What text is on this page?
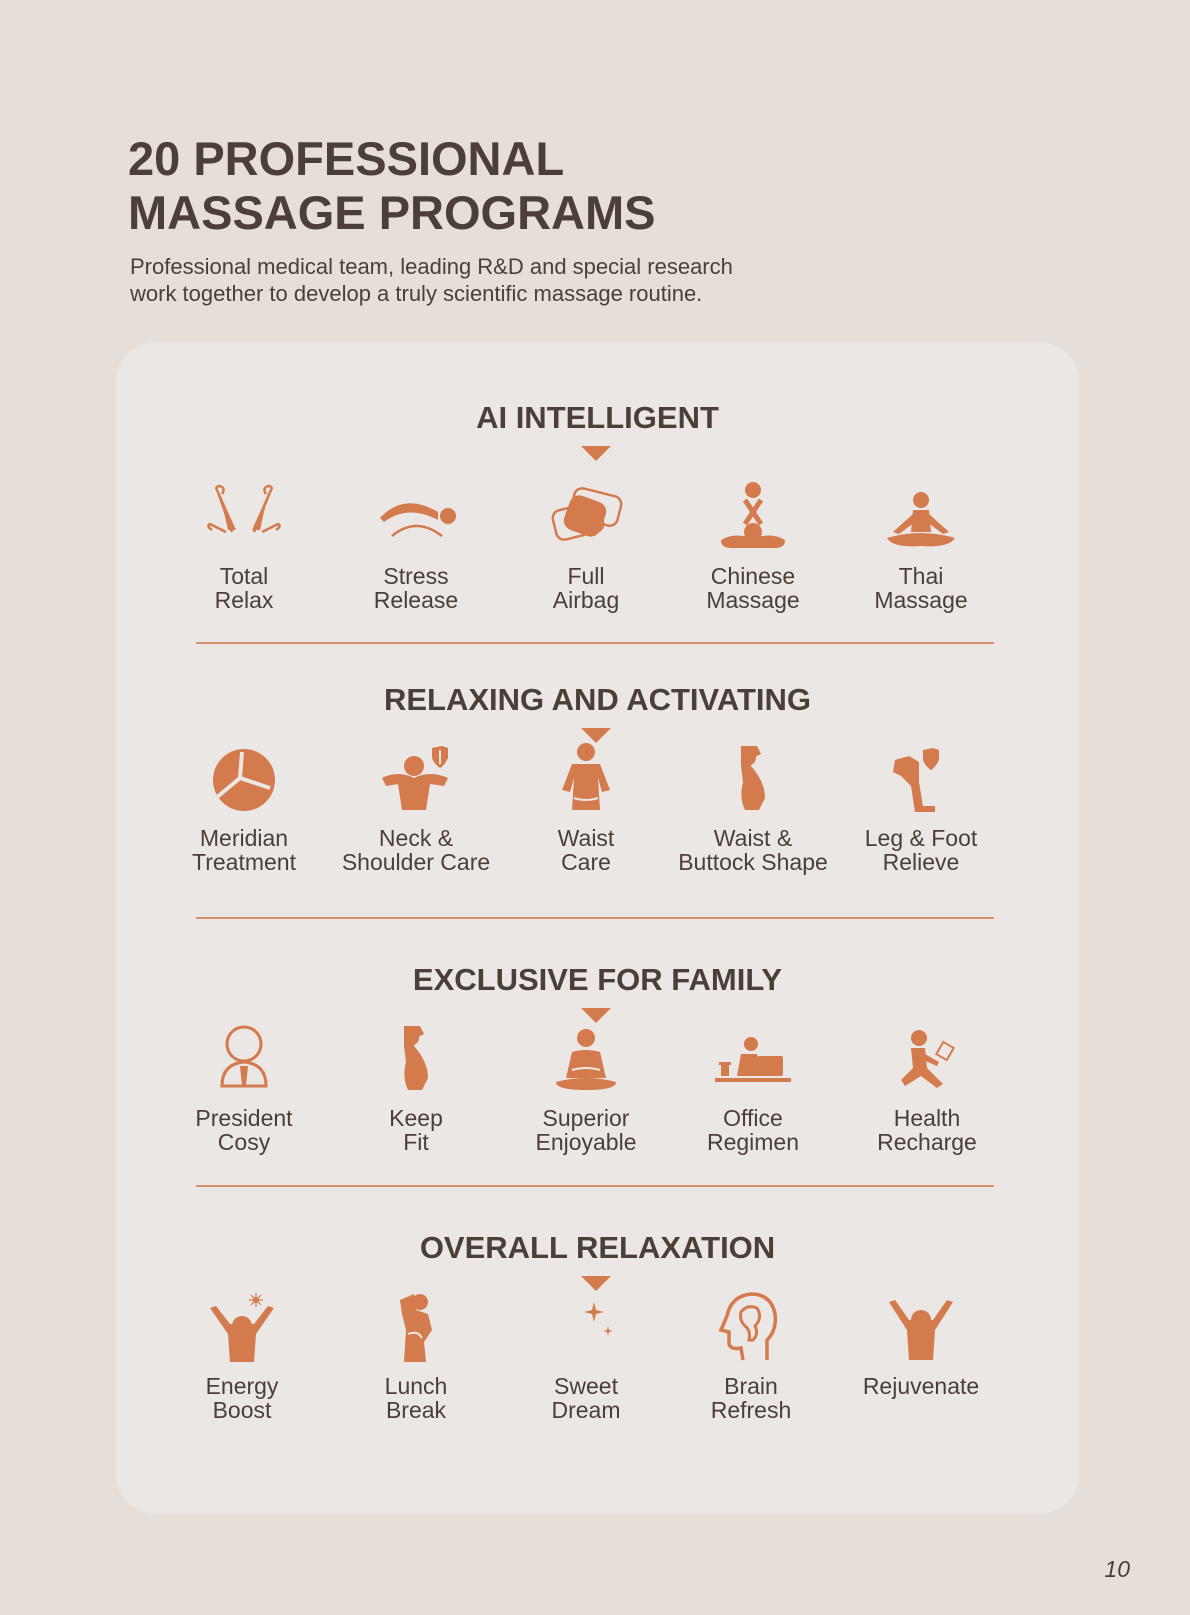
20 PROFESSIONAL
MASSAGE PROGRAMS

Professional medical team, leading R&D and special research
work together to develop a truly scientific massage routine.

AI INTELLIGENT
Total
Relax
Stress
Release
Full
Airbag
Chinese
Massage
Thai
Massage
RELAXING AND ACTIVATING
Meridian
Treatment
Neck &
Shoulder Care
Waist
Care
Waist &
Buttock Shape
Leg & Foot
Relieve
EXCLUSIVE FOR FAMILY
President
Cosy
Keep
Fit
Superior
Enjoyable
Office
Regimen
Health
Recharge
OVERALL RELAXATION
Energy
Boost
Lunch
Break
Sweet
Dream
Brain
Refresh
Rejuvenate
10
